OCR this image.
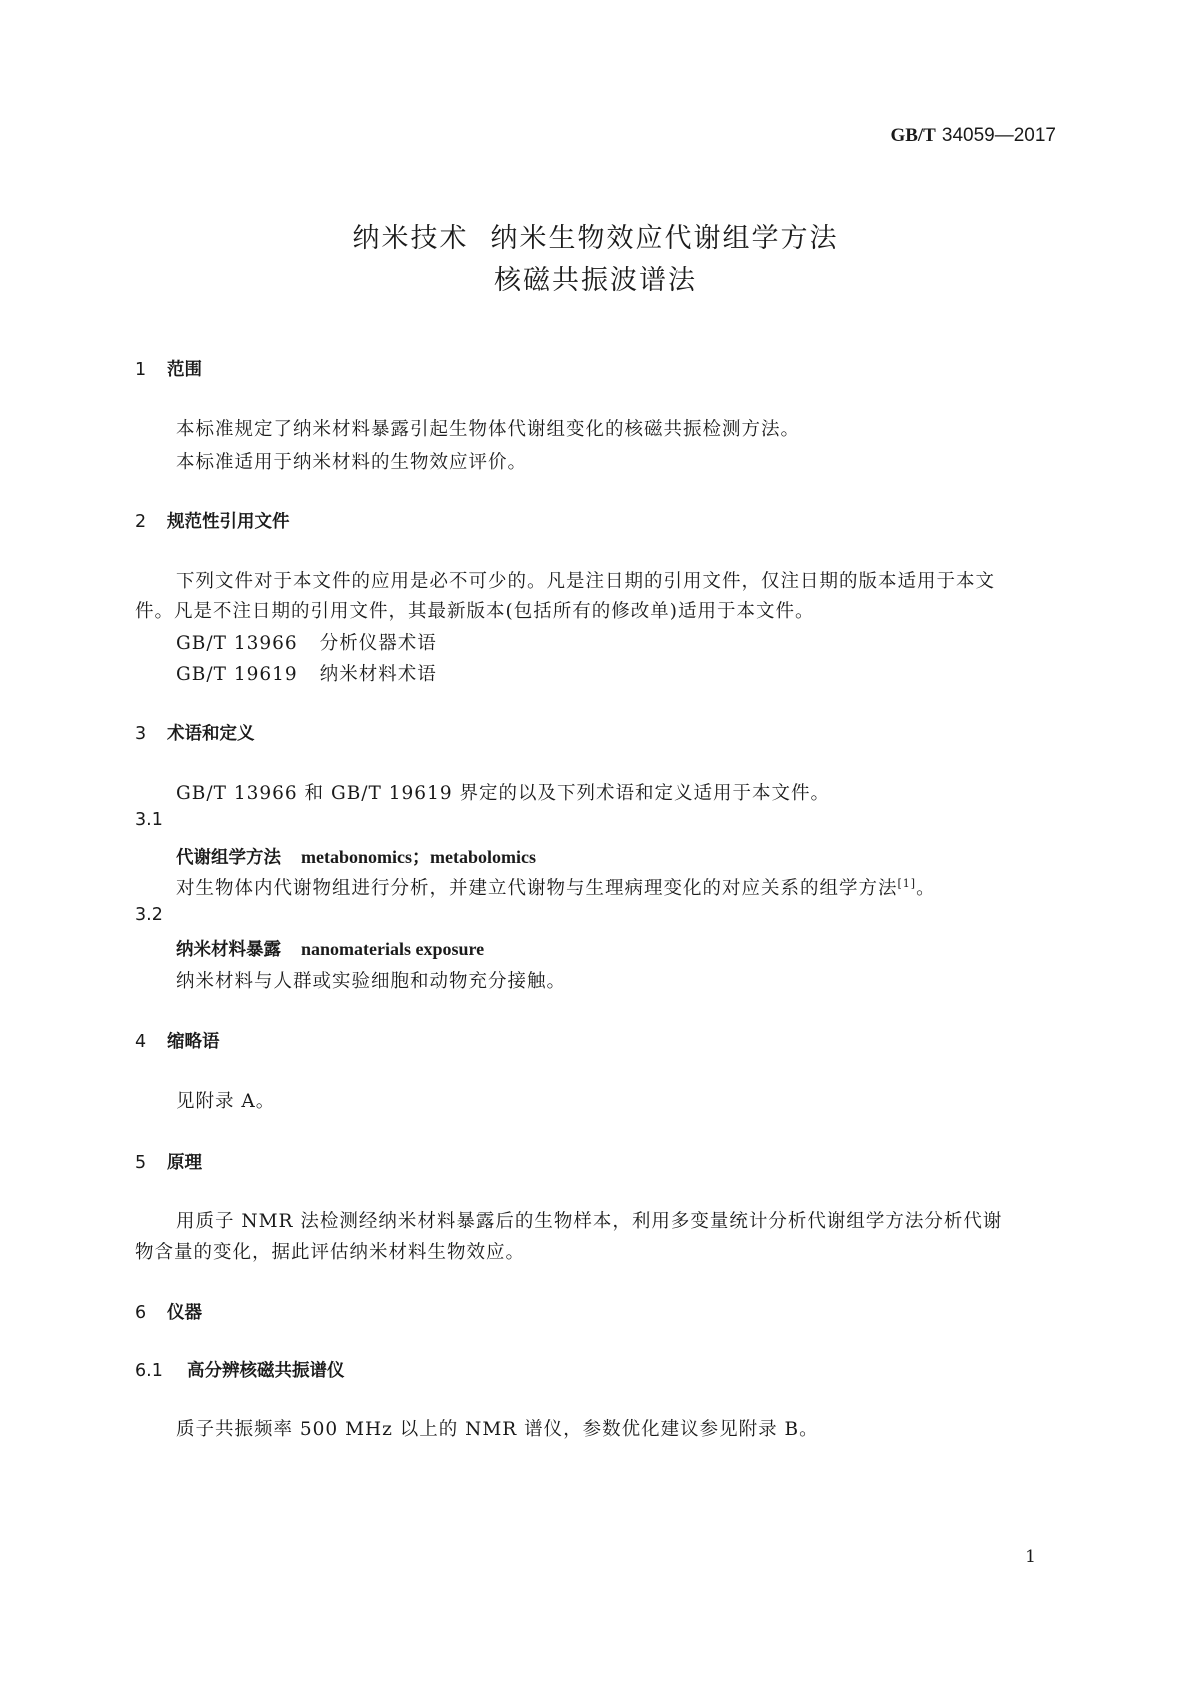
GB/T 34059—2017
纳米技术 纳米生物效应代谢组学方法
核磁共振波谱法
1 范围
本标准规定了纳米材料暴露引起生物体代谢组变化的核磁共振检测方法。
本标准适用于纳米材料的生物效应评价。
2 规范性引用文件
下列文件对于本文件的应用是必不可少的。凡是注日期的引用文件，仅注日期的版本适用于本文
件。凡是不注日期的引用文件，其最新版本(包括所有的修改单)适用于本文件。
GB/T 13966 分析仪器术语
GB/T 19619 纳米材料术语
3 术语和定义
GB/T 13966 和 GB/T 19619 界定的以及下列术语和定义适用于本文件。
3.1
代谢组学方法 metabonomics；metabolomics
对生物体内代谢物组进行分析，并建立代谢物与生理病理变化的对应关系的组学方法[1]。
3.2
纳米材料暴露 nanomaterials exposure
纳米材料与人群或实验细胞和动物充分接触。
4 缩略语
见附录 A。
5 原理
用质子 NMR 法检测经纳米材料暴露后的生物样本，利用多变量统计分析代谢组学方法分析代谢
物含量的变化，据此评估纳米材料生物效应。
6 仪器
6.1 高分辨核磁共振谱仪
质子共振频率 500 MHz 以上的 NMR 谱仪，参数优化建议参见附录 B。
1
